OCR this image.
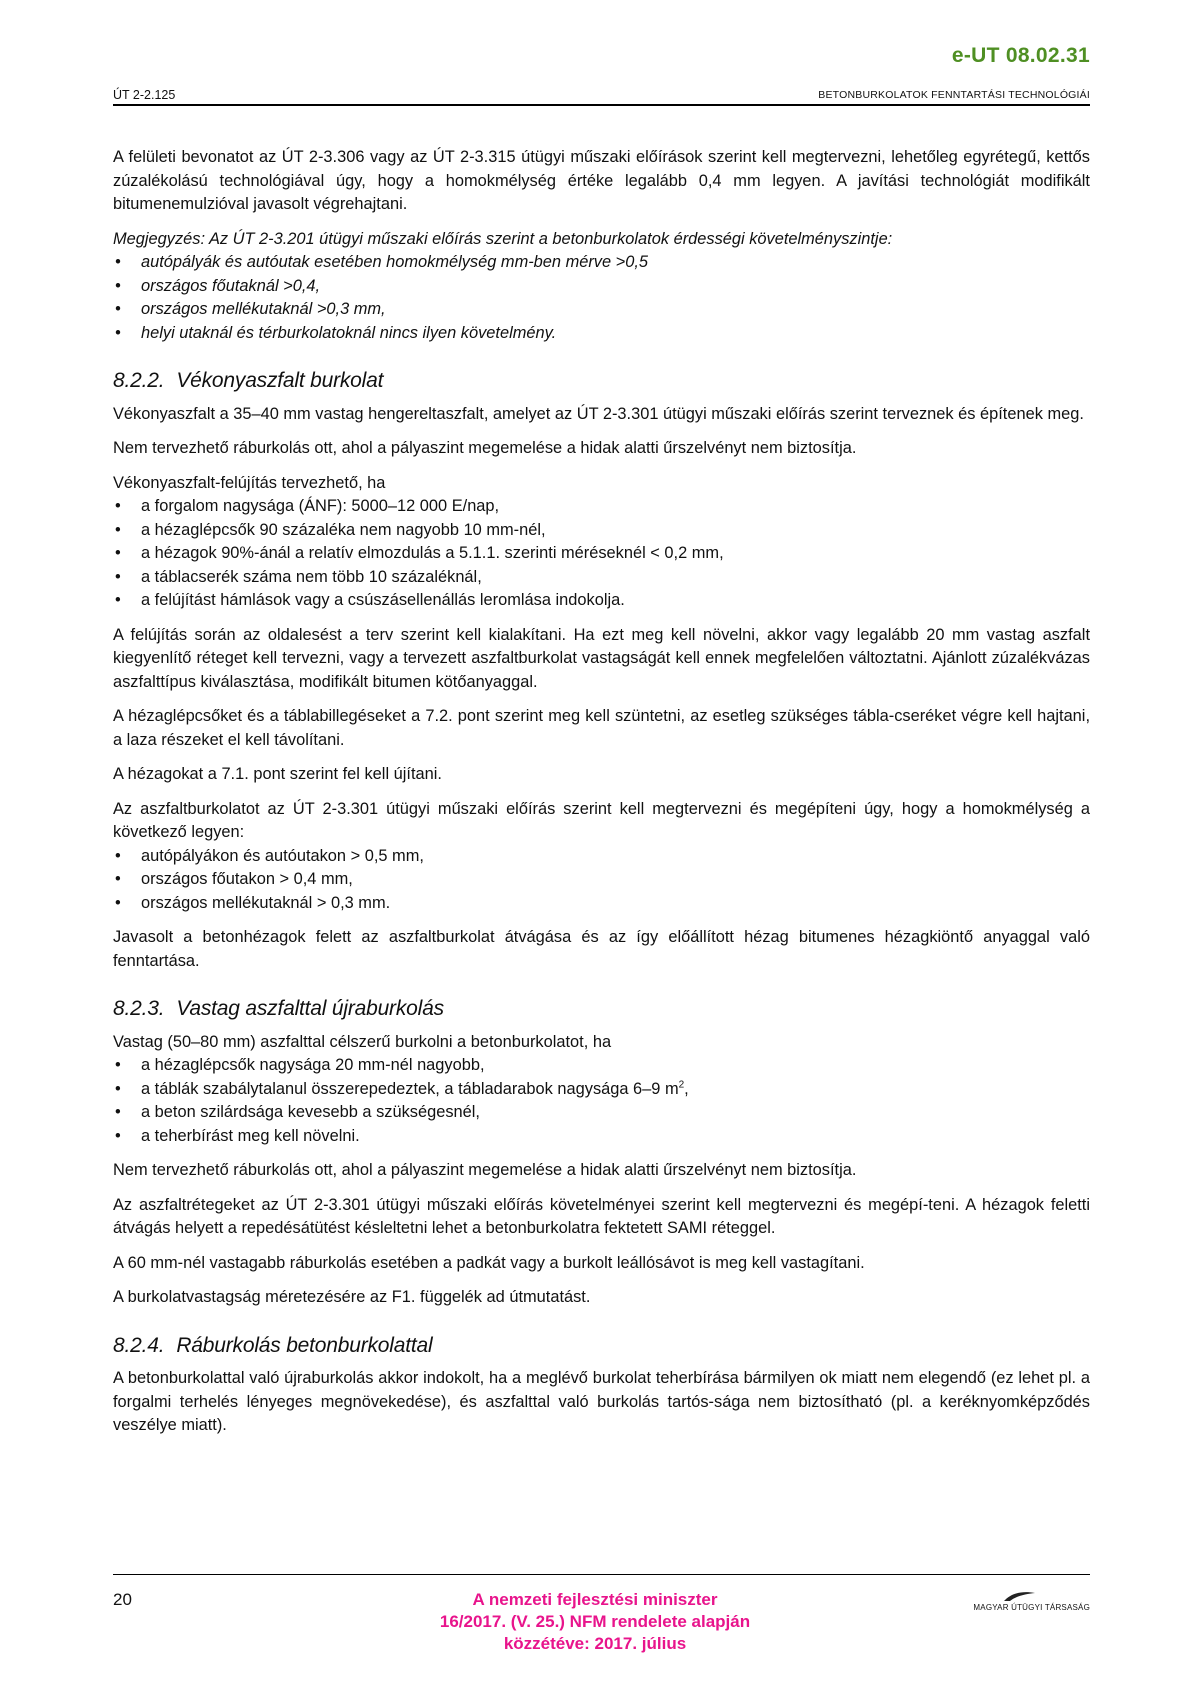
e-UT 08.02.31
ÚT 2-2.125	BETONBURKOLATOK FENNTARTÁSI TECHNOLÓGIÁI

A felületi bevonatot az ÚT 2-3.306 vagy az ÚT 2-3.315 útügyi műszaki előírások szerint kell megtervezni, lehetőleg egyrétegű, kettős zúzalékolású technológiával úgy, hogy a homokmélység értéke legalább 0,4 mm legyen. A javítási technológiát modifikált bitumenemulzióval javasolt végrehajtani.

Megjegyzés: Az ÚT 2-3.201 útügyi műszaki előírás szerint a betonburkolatok érdességi követelményszintje:

• autópályák és autóutak esetében homokmélység mm-ben mérve >0,5
• országos főutaknál >0,4,
• országos mellékutaknál >0,3 mm,
• helyi utaknál és térburkolatoknál nincs ilyen követelmény.
8.2.2. Vékonyaszfalt burkolat

Vékonyaszfalt a 35–40 mm vastag hengereltaszfalt, amelyet az ÚT 2-3.301 útügyi műszaki előírás szerint terveznek és építenek meg.

Nem tervezhető ráburkolás ott, ahol a pályaszint megemelése a hidak alatti űrszelvényt nem biztosítja.

Vékonyaszfalt-felújítás tervezhető, ha

• a forgalom nagysága (ÁNF): 5000–12 000 E/nap,
• a hézaglépcsők 90 százaléka nem nagyobb 10 mm-nél,
• a hézagok 90%-ánál a relatív elmozdulás a 5.1.1. szerinti méréseknél < 0,2 mm,
• a táblacserék száma nem több 10 százaléknál,
• a felújítást hámlások vagy a csúszásellenállás leromlása indokolja.

A felújítás során az oldalesést a terv szerint kell kialakítani. Ha ezt meg kell növelni, akkor vagy legalább 20 mm vastag aszfalt kiegyenlítő réteget kell tervezni, vagy a tervezett aszfaltburkolat vastagságát kell ennek megfelelően változtatni. Ajánlott zúzalékvázas aszfalttípus kiválasztása, modifikált bitumen kötőanyaggal.

A hézaglépcsőket és a táblabillegéseket a 7.2. pont szerint meg kell szüntetni, az esetleg szükséges tábla-cseréket végre kell hajtani, a laza részeket el kell távolítani.

A hézagokat a 7.1. pont szerint fel kell újítani.

Az aszfaltburkolatot az ÚT 2-3.301 útügyi műszaki előírás szerint kell megtervezni és megépíteni úgy, hogy a homokmélység a következő legyen:

• autópályákon és autóutakon > 0,5 mm,
• országos főutakon > 0,4 mm,
• országos mellékutaknál > 0,3 mm.

Javasolt a betonhézagok felett az aszfaltburkolat átvágása és az így előállított hézag bitumenes hézagkiöntő anyaggal való fenntartása.

8.2.3. Vastag aszfalttal újraburkolás

Vastag (50–80 mm) aszfalttal célszerű burkolni a betonburkolatot, ha

• a hézaglépcsők nagysága 20 mm-nél nagyobb,
• a táblák szabálytalanul összerepedeztek, a tábladarabok nagysága 6–9 $m^2$,
• a beton szilárdsága kevesebb a szükségesnél,
• a teherbírást meg kell növelni.

Nem tervezhető ráburkolás ott, ahol a pályaszint megemelése a hidak alatti űrszelvényt nem biztosítja.

Az aszfaltrétegeket az ÚT 2-3.301 útügyi műszaki előírás követelményei szerint kell megtervezni és megépí-teni. A hézagok feletti átvágás helyett a repedésátütést késleltetni lehet a betonburkolatra fektetett SAMI réteggel.

A 60 mm-nél vastagabb ráburkolás esetében a padkát vagy a burkolt leállósávot is meg kell vastagítani.

A burkolatvastagság méretezésére az F1. függelék ad útmutatást.

8.2.4. Ráburkolás betonburkolattal

A betonburkolattal való újraburkolás akkor indokolt, ha a meglévő burkolat teherbírása bármilyen ok miatt nem elegendő (ez lehet pl. a forgalmi terhelés lényeges megnövekedése), és aszfalttal való burkolás tartós-sága nem biztosítható (pl. a keréknyomképződés veszélye miatt).

20	A nemzeti fejlesztési miniszter
16/2017. (V. 25.) NFM rendelete alapján
közzétéve: 2017. július
MAGYAR ÚTÜGYI TÁRSASÁG
